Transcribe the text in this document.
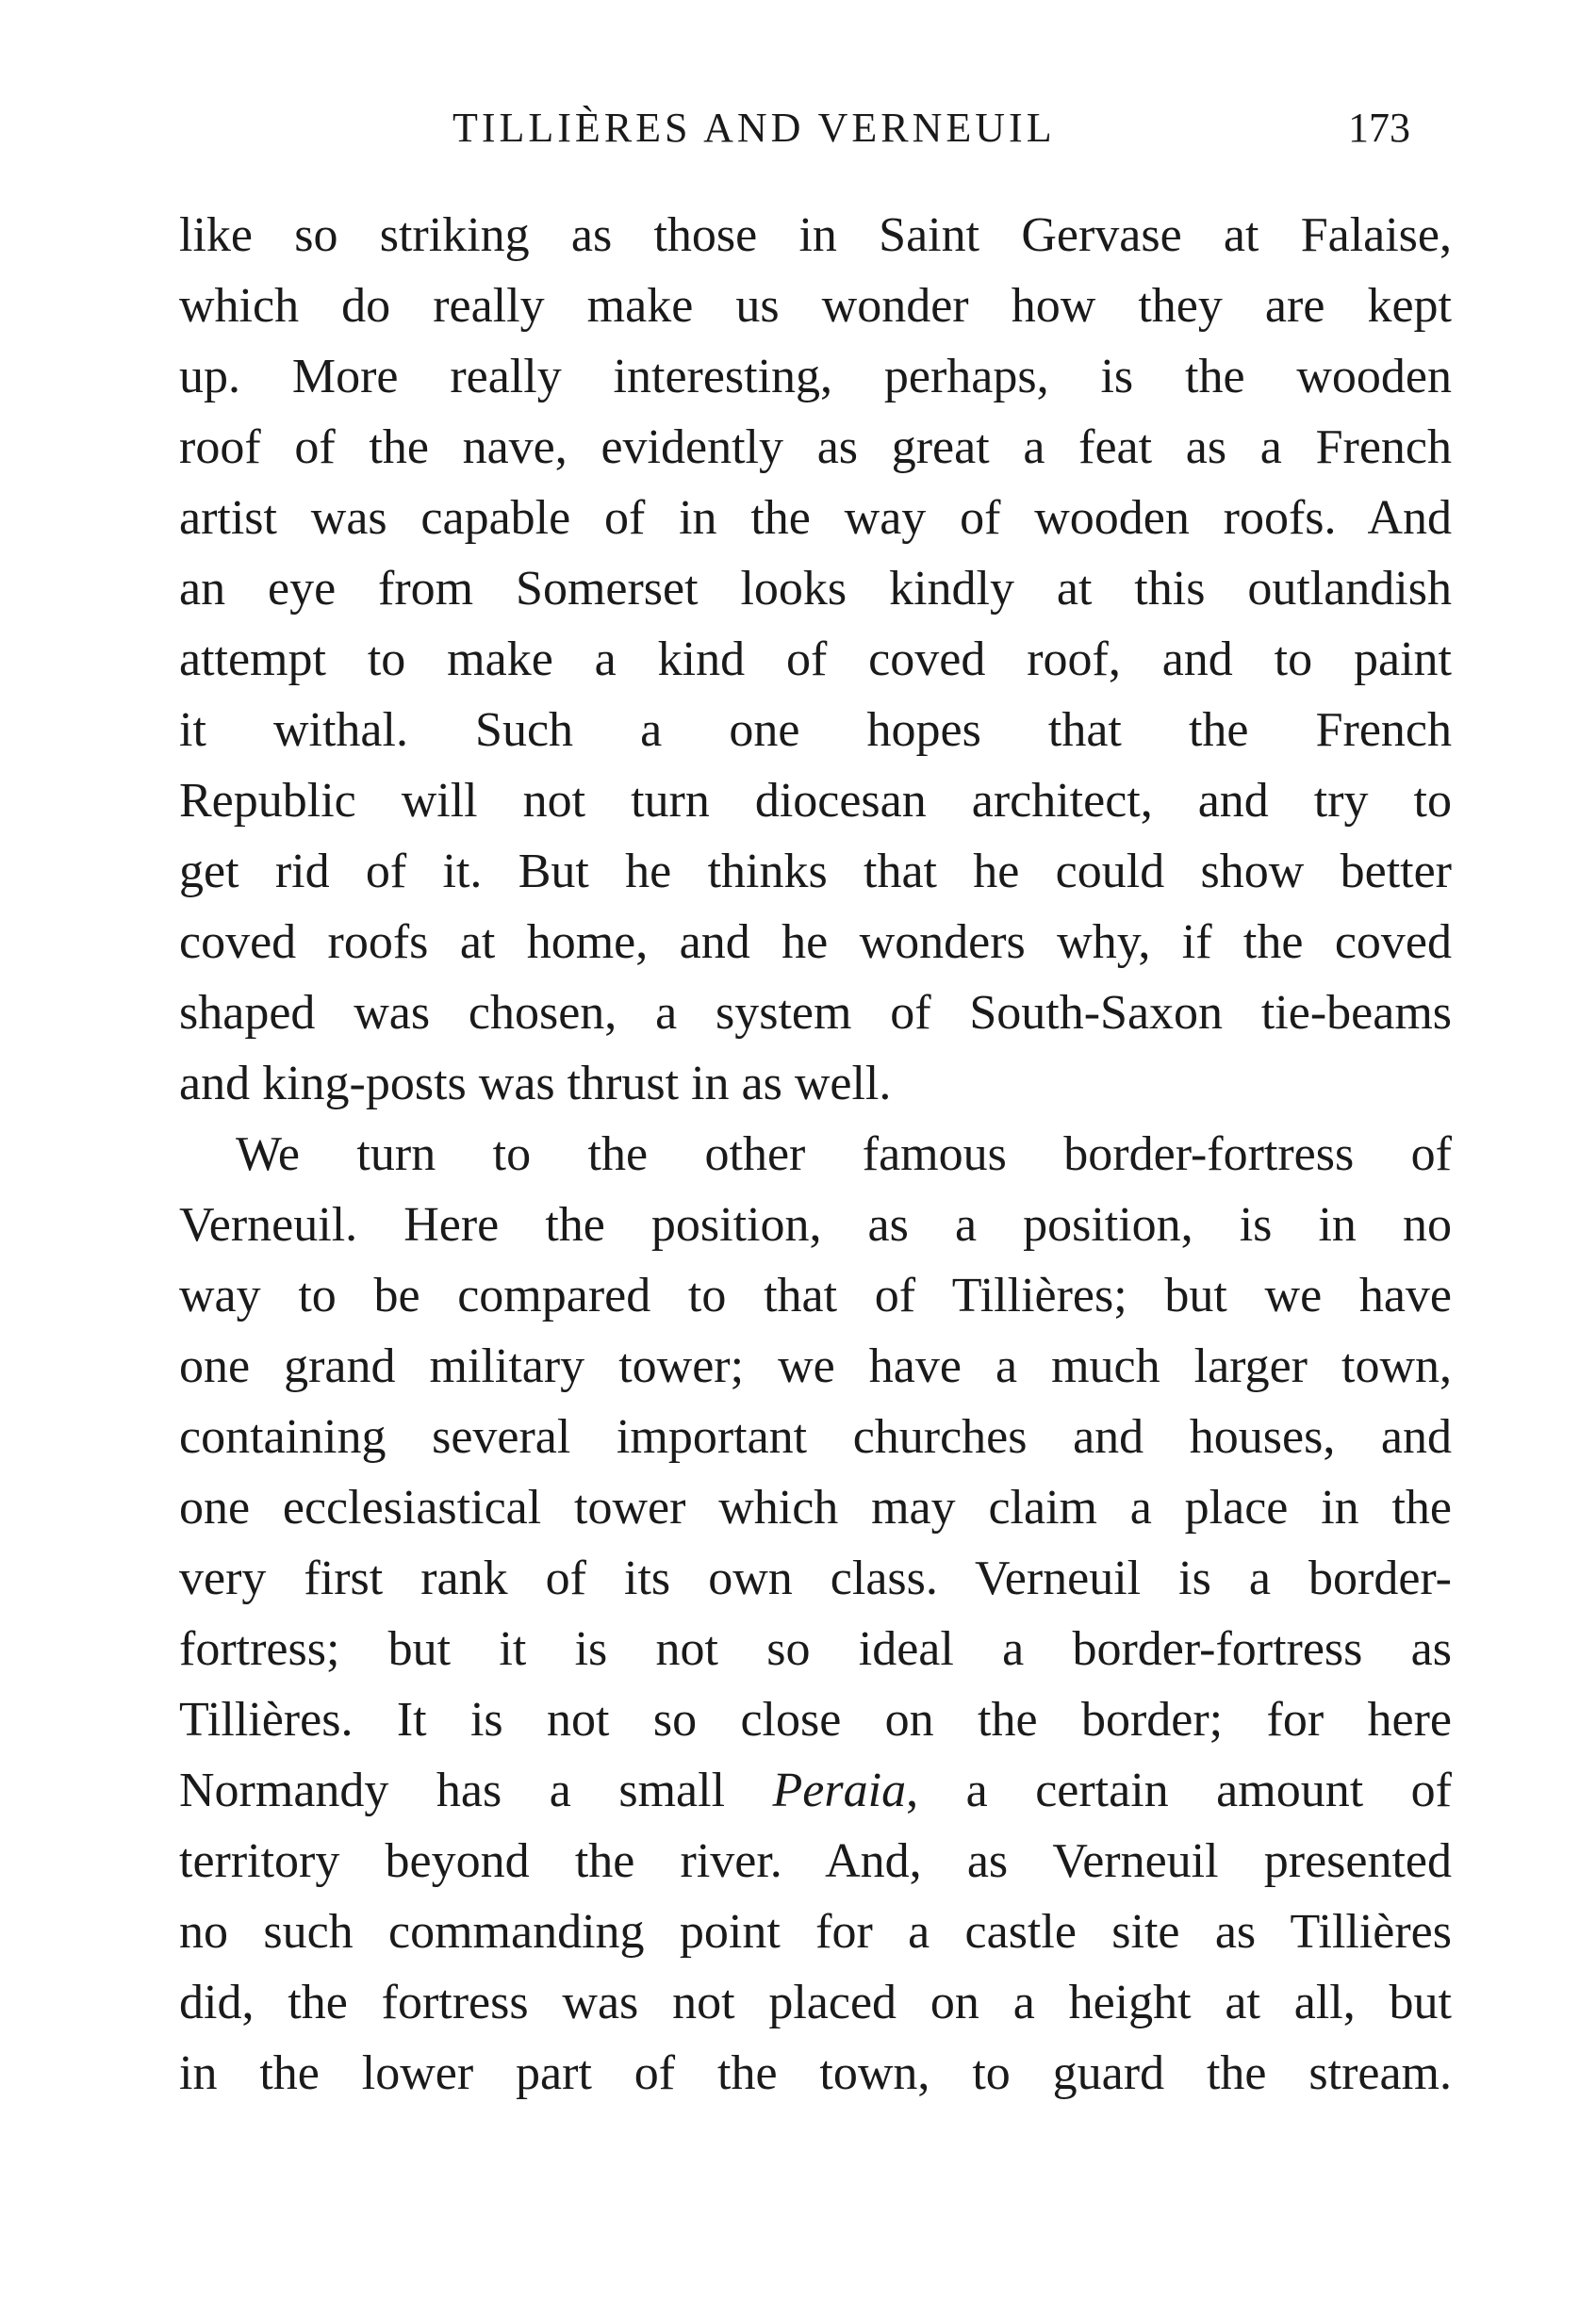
TILLIÈRES AND VERNEUIL	173
like so striking as those in Saint Gervase at Falaise,
which do really make us wonder how they are kept
up. More really interesting, perhaps, is the wooden
roof of the nave, evidently as great a feat as a French
artist was capable of in the way of wooden roofs. And
an eye from Somerset looks kindly at this outlandish
attempt to make a kind of coved roof, and to paint
it withal. Such a one hopes that the French
Republic will not turn diocesan architect, and try to
get rid of it. But he thinks that he could show better
coved roofs at home, and he wonders why, if the coved
shaped was chosen, a system of South-Saxon tie-beams
and king-posts was thrust in as well.
We turn to the other famous border-fortress of
Verneuil. Here the position, as a position, is in no
way to be compared to that of Tillières; but we have
one grand military tower; we have a much larger town,
containing several important churches and houses, and
one ecclesiastical tower which may claim a place in the
very first rank of its own class. Verneuil is a border-
fortress; but it is not so ideal a border-fortress as
Tillières. It is not so close on the border; for here
Normandy has a small Peraia, a certain amount of
territory beyond the river. And, as Verneuil presented
no such commanding point for a castle site as Tillières
did, the fortress was not placed on a height at all, but
in the lower part of the town, to guard the stream.
